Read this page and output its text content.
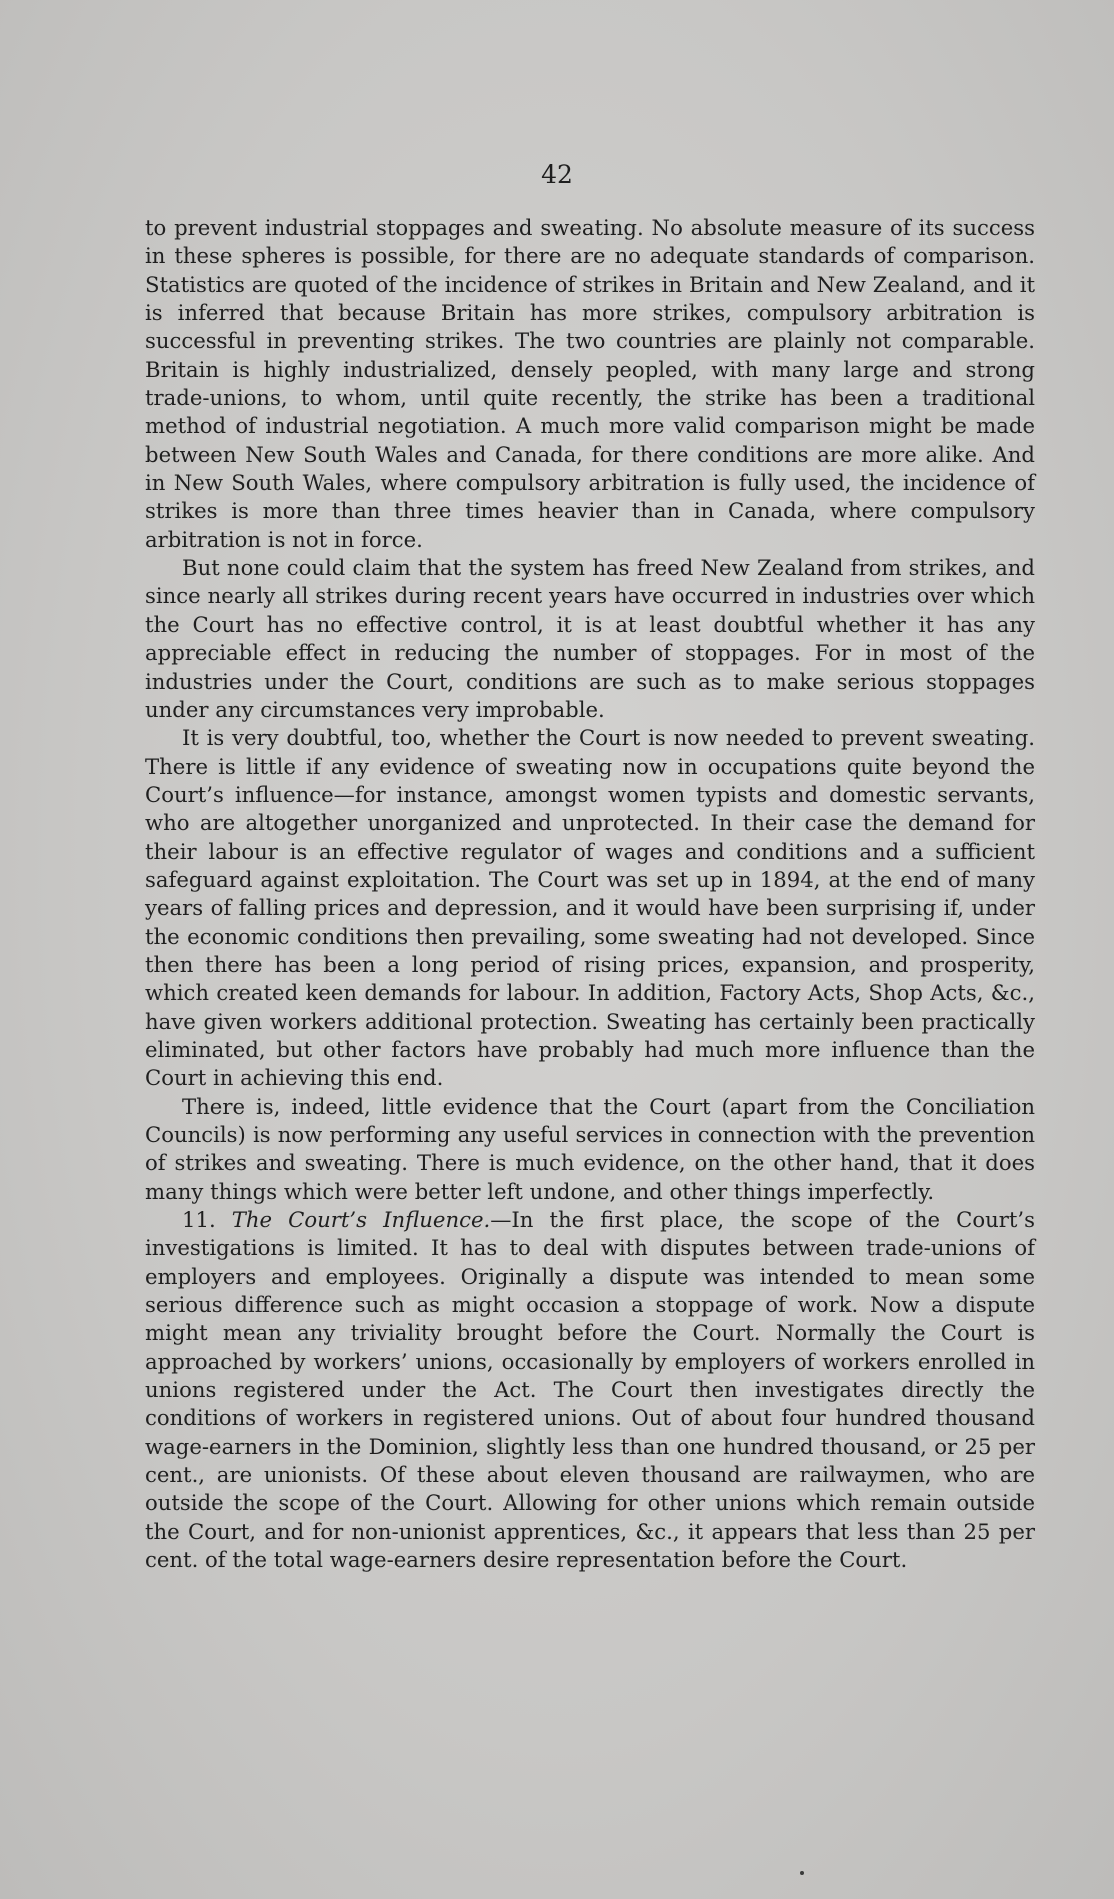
42

to prevent industrial stoppages and sweating. No absolute measure of its success in these spheres is possible, for there are no adequate standards of comparison. Statistics are quoted of the incidence of strikes in Britain and New Zealand, and it is inferred that because Britain has more strikes, compulsory arbitration is successful in preventing strikes. The two countries are plainly not comparable. Britain is highly industrialized, densely peopled, with many large and strong trade-unions, to whom, until quite recently, the strike has been a traditional method of industrial negotiation. A much more valid comparison might be made between New South Wales and Canada, for there conditions are more alike. And in New South Wales, where compulsory arbitration is fully used, the incidence of strikes is more than three times heavier than in Canada, where compulsory arbitration is not in force.

But none could claim that the system has freed New Zealand from strikes, and since nearly all strikes during recent years have occurred in industries over which the Court has no effective control, it is at least doubtful whether it has any appreciable effect in reducing the number of stoppages. For in most of the industries under the Court, conditions are such as to make serious stoppages under any circumstances very improbable.

It is very doubtful, too, whether the Court is now needed to prevent sweating. There is little if any evidence of sweating now in occupations quite beyond the Court’s influence—for instance, amongst women typists and domestic servants, who are altogether unorganized and unprotected. In their case the demand for their labour is an effective regulator of wages and conditions and a sufficient safeguard against exploitation. The Court was set up in 1894, at the end of many years of falling prices and depression, and it would have been surprising if, under the economic conditions then prevailing, some sweating had not developed. Since then there has been a long period of rising prices, expansion, and prosperity, which created keen demands for labour. In addition, Factory Acts, Shop Acts, &c., have given workers additional protection. Sweating has certainly been practically eliminated, but other factors have probably had much more influence than the Court in achieving this end.

There is, indeed, little evidence that the Court (apart from the Conciliation Councils) is now performing any useful services in connection with the prevention of strikes and sweating. There is much evidence, on the other hand, that it does many things which were better left undone, and other things imperfectly.

11. The Court’s Influence.—In the first place, the scope of the Court’s investigations is limited. It has to deal with disputes between trade-unions of employers and employees. Originally a dispute was intended to mean some serious difference such as might occasion a stoppage of work. Now a dispute might mean any triviality brought before the Court. Normally the Court is approached by workers’ unions, occasionally by employers of workers enrolled in unions registered under the Act. The Court then investigates directly the conditions of workers in registered unions. Out of about four hundred thousand wage-earners in the Dominion, slightly less than one hundred thousand, or 25 per cent., are unionists. Of these about eleven thousand are railwaymen, who are outside the scope of the Court. Allowing for other unions which remain outside the Court, and for non-unionist apprentices, &c., it appears that less than 25 per cent. of the total wage-earners desire representation before the Court.
